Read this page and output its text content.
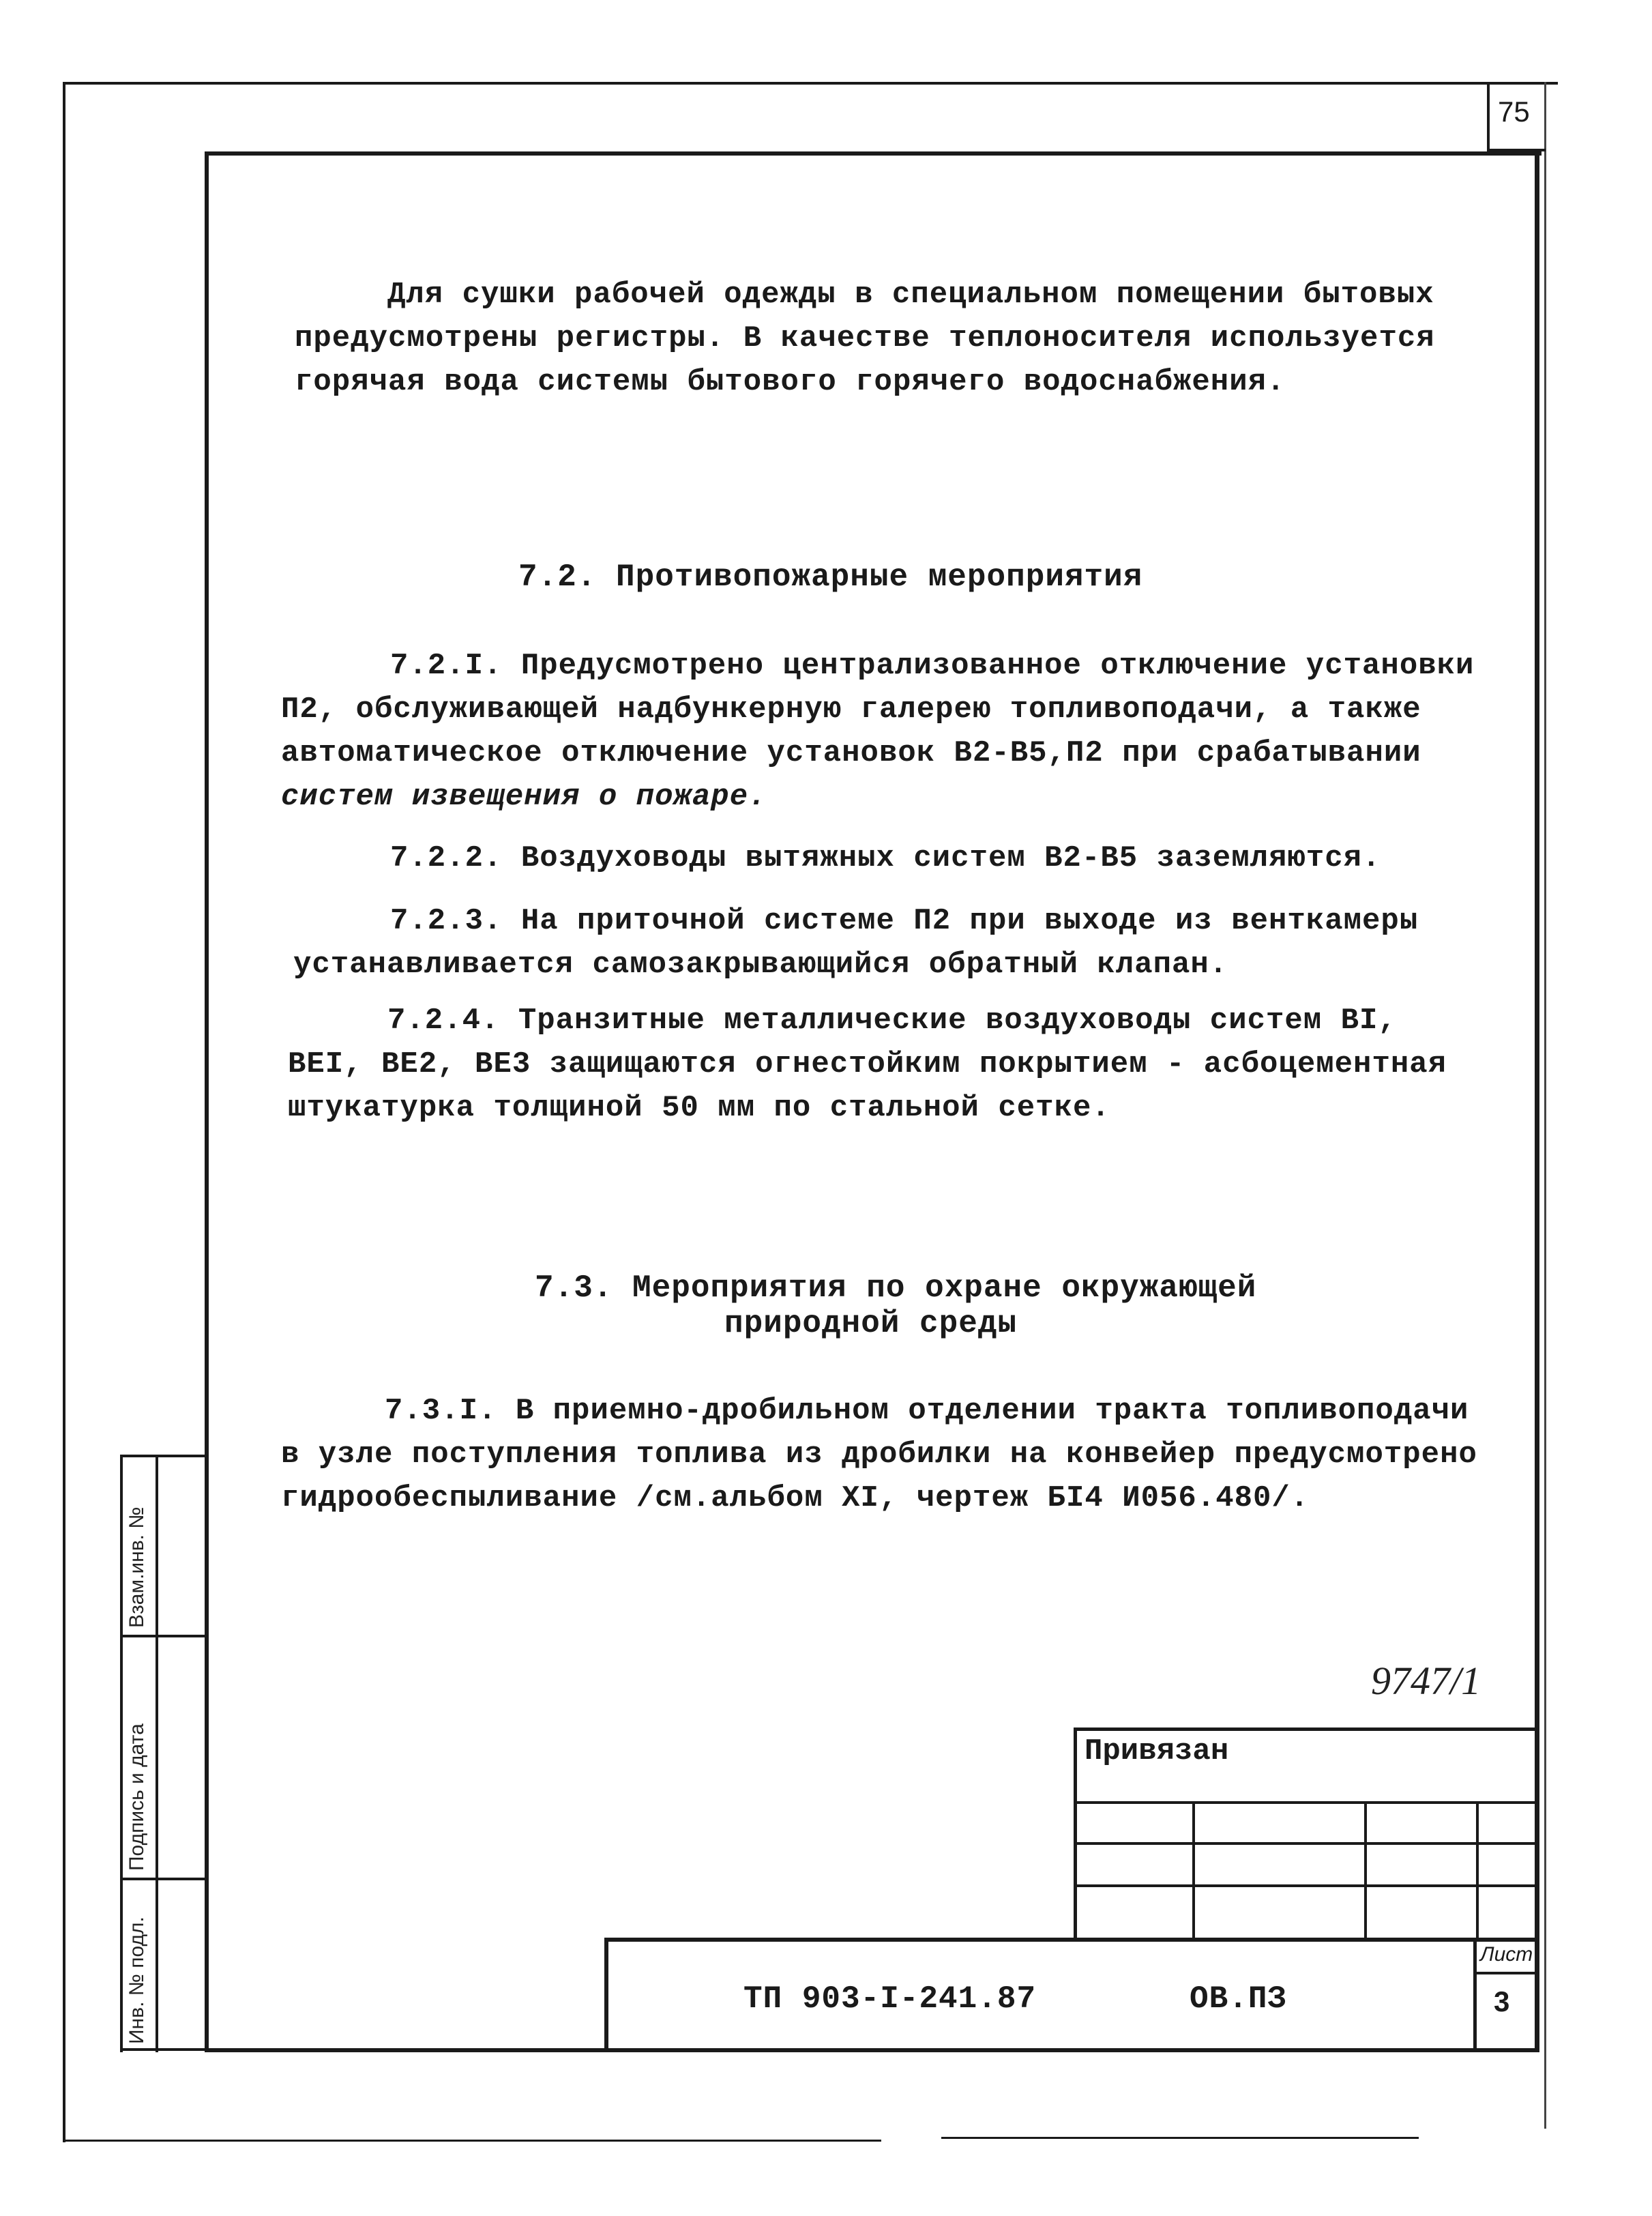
75
Взам.инв. №
Подпись и дата
Инв. № подл.
Для сушки рабочей одежды в специальном помещении бытовых
предусмотрены регистры. В качестве теплоносителя используется
горячая вода системы бытового горячего водоснабжения.
7.2. Противопожарные мероприятия
7.2.I. Предусмотрено централизованное отключение установки
П2, обслуживающей надбункерную галерею топливоподачи, а также
автоматическое отключение установок В2-В5,П2 при срабатывании
систем извещения о пожаре.
7.2.2. Воздуховоды вытяжных систем В2-В5 заземляются.
7.2.3. На приточной системе П2 при выходе из венткамеры
устанавливается самозакрывающийся обратный клапан.
7.2.4. Транзитные металлические воздуховоды систем BI,
BEI, BE2, BE3 защищаются огнестойким покрытием - асбоцементная
штукатурка толщиной 50 мм по стальной сетке.
7.3. Мероприятия по охране окружающей
природной среды
7.3.I. В приемно-дробильном отделении тракта топливоподачи
в узле поступления топлива из дробилки на конвейер предусмотрено
гидрообеспыливание /см.альбом XI, чертеж БI4 И056.480/.
9747/1
Привязан
ТП 903-I-241.87	ОВ.ПЗ
Лист
3
